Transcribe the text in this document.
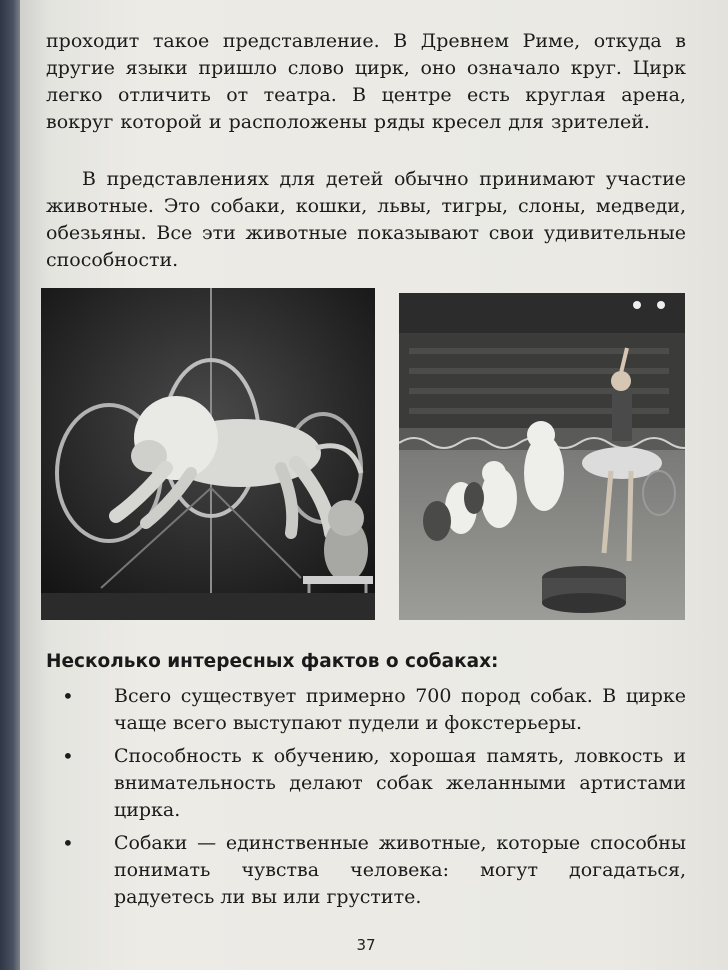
проходит такое представление. В Древнем Риме, откуда в другие языки пришло слово цирк, оно означало круг. Цирк легко отличить от театра. В центре есть круглая арена, вокруг которой и расположены ряды кресел для зрителей.
В представлениях для детей обычно принимают участие животные. Это собаки, кошки, львы, тигры, слоны, медведи, обезьяны. Все эти животные показывают свои удивительные способности.
Несколько интересных фактов о собаках:
• Всего существует примерно 700 пород собак. В цирке чаще всего выступают пудели и фокстерьеры.
• Способность к обучению, хорошая память, ловкость и внимательность делают собак желанными артистами цирка.
• Собаки — единственные животные, которые способны понимать чувства человека: могут догадаться, радуетесь ли вы или грустите.
37
